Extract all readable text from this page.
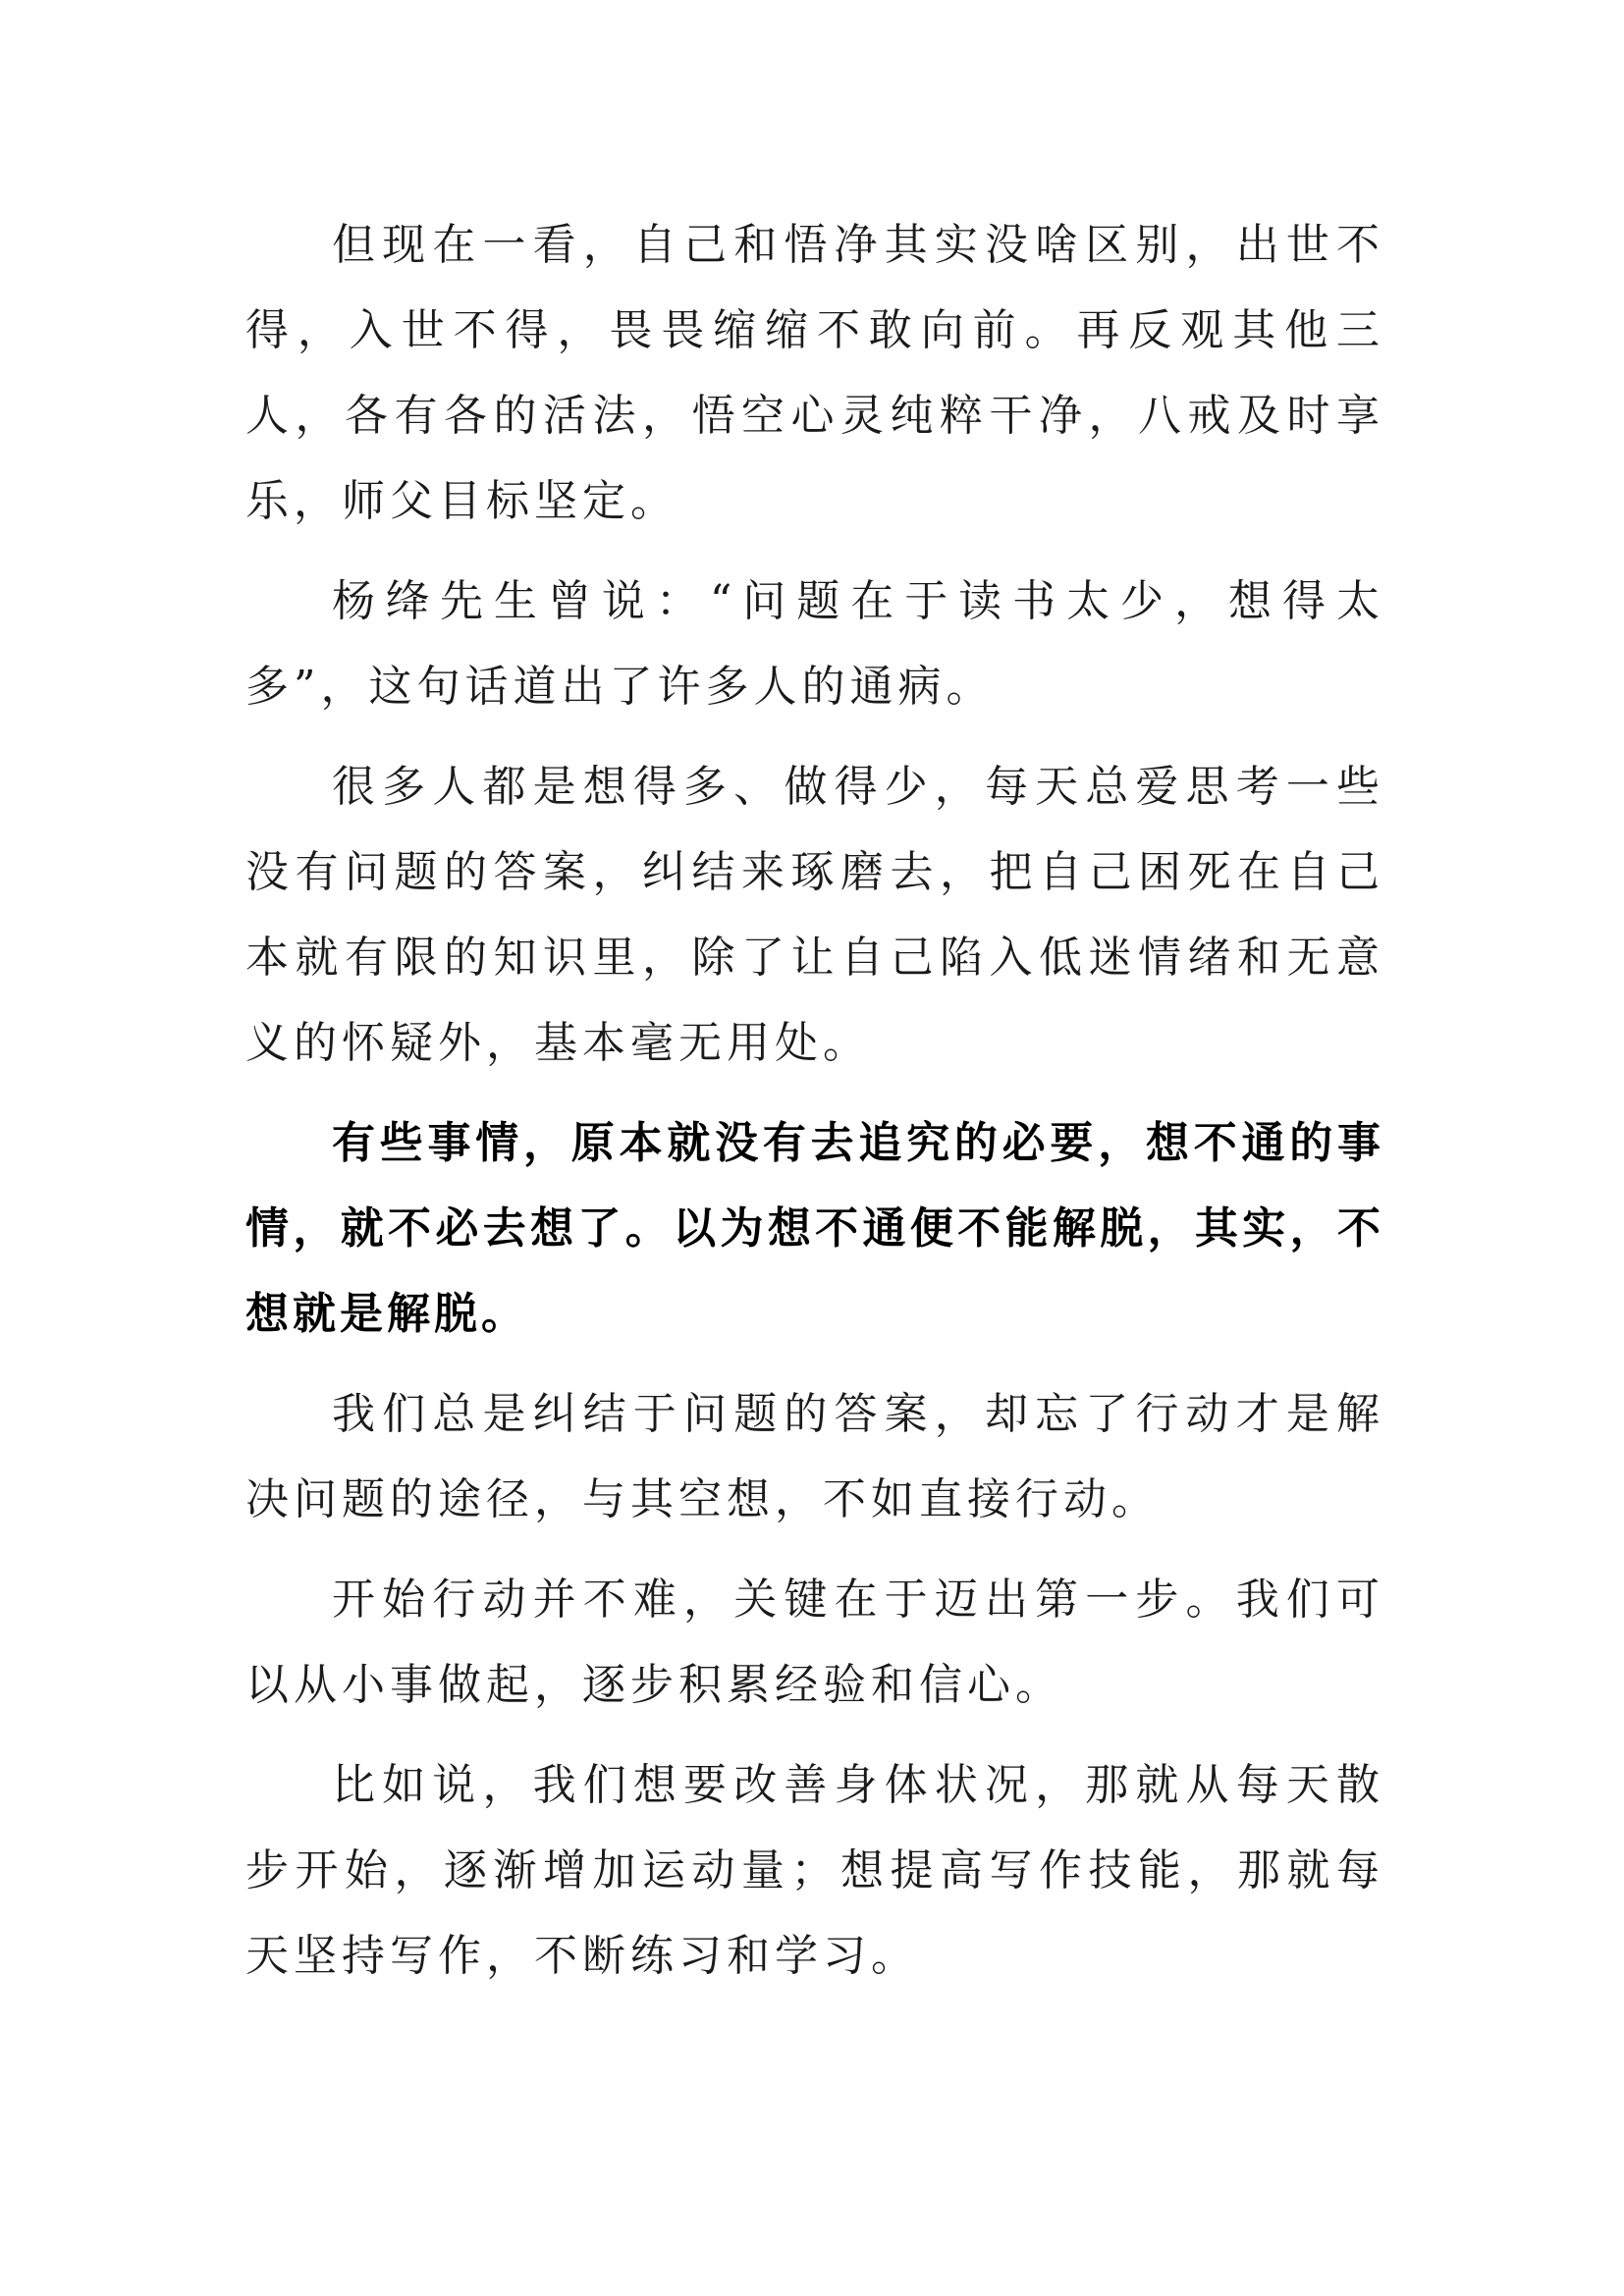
但现在一看，自己和悟净其实没啥区别，出世不得，入世不得，畏畏缩缩不敢向前。再反观其他三人，各有各的活法，悟空心灵纯粹干净，八戒及时享乐，师父目标坚定。

杨绛先生曾说：“问题在于读书太少，想得太多”，这句话道出了许多人的通病。

很多人都是想得多、做得少，每天总爱思考一些没有问题的答案，纠结来琢磨去，把自己困死在自己本就有限的知识里，除了让自己陷入低迷情绪和无意义的怀疑外，基本毫无用处。

有些事情，原本就没有去追究的必要，想不通的事情，就不必去想了。以为想不通便不能解脱，其实，不想就是解脱。

我们总是纠结于问题的答案，却忘了行动才是解决问题的途径，与其空想，不如直接行动。

开始行动并不难，关键在于迈出第一步。我们可以从小事做起，逐步积累经验和信心。

比如说，我们想要改善身体状况，那就从每天散步开始，逐渐增加运动量；想提高写作技能，那就每天坚持写作，不断练习和学习。
